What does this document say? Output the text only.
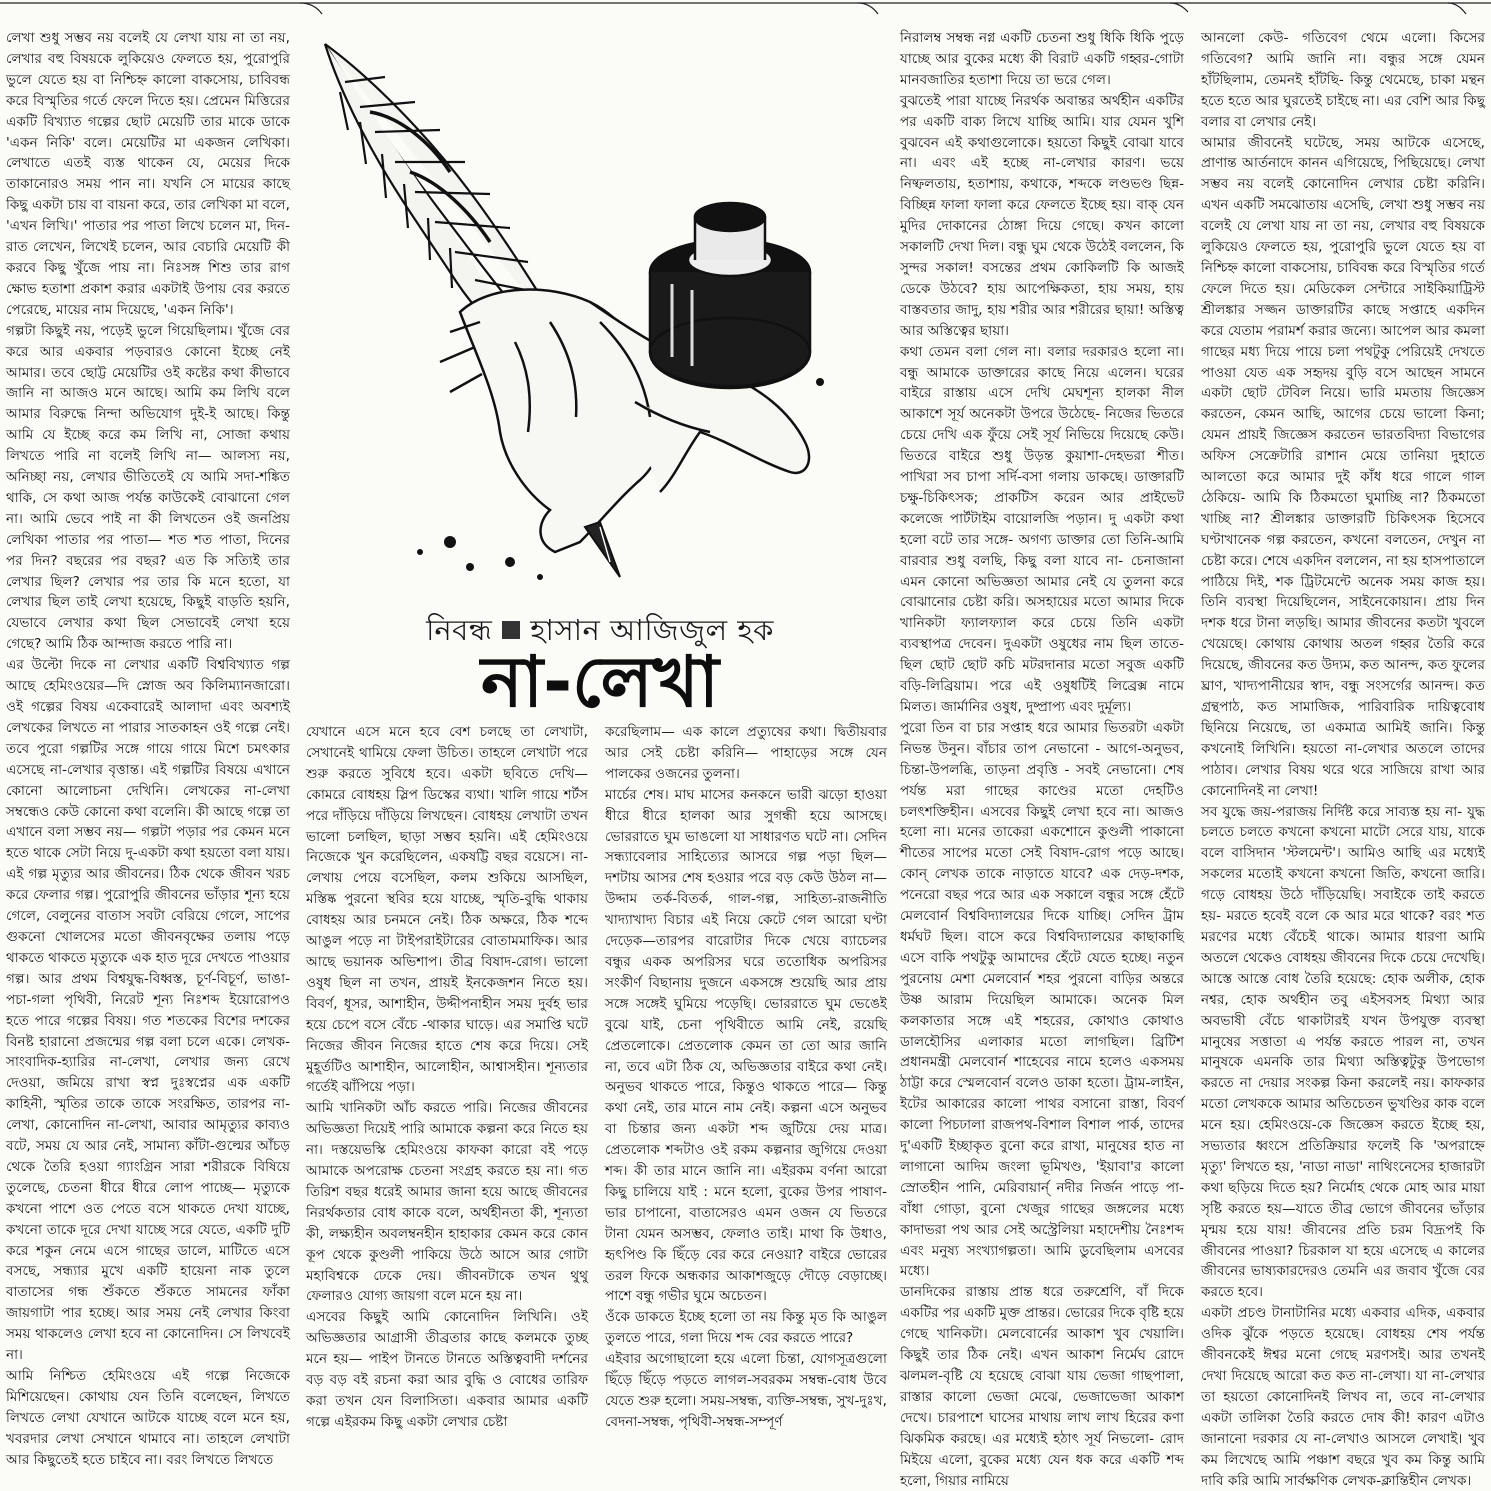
লেখা শুধু সম্ভব নয় বলেই যে লেখা যায় না তা নয়, লেখার বহু বিষয়কে লুকিয়েও ফেলতে হয়, পুরোপুরি ভুলে যেতে হয় বা নিশ্চিহ্ন কালো বাকসোয়, চাবিবন্ধ করে বিস্মৃতির গর্তে ফেলে দিতে হয়। প্রেমেন মিত্তিরের একটি বিখ্যাত গল্পের ছোট মেয়েটি তার মাকে ডাকে 'একন নিকি' বলে। মেয়েটির মা একজন লেখিকা। লেখাতে এতই ব্যস্ত থাকেন যে, মেয়ের দিকে তাকানোরও সময় পান না। যখনি সে মায়ের কাছে কিছু একটা চায় বা বায়না করে, তার লেখিকা মা বলে, 'এখন লিখি।' পাতার পর পাতা লিখে চলেন মা, দিন-রাত লেখেন, লিখেই চলেন, আর বেচারি মেয়েটি কী করবে কিছু খুঁজে পায় না। নিঃসঙ্গ শিশু তার রাগ ক্ষোভ হতাশা প্রকাশ করার একটাই উপায় বের করতে পেরেছে, মায়ের নাম দিয়েছে, 'একন নিকি'।

গল্পটা কিছুই নয়, পড়েই ভুলে গিয়েছিলাম। খুঁজে বের করে আর একবার পড়বারও কোনো ইচ্ছে নেই আমার। তবে ছোট্ট মেয়েটির ওই কষ্টের কথা কীভাবে জানি না আজও মনে আছে। আমি কম লিখি বলে আমার বিরুদ্ধে নিন্দা অভিযোগ দুই-ই আছে। কিন্তু আমি যে ইচ্ছে করে কম লিখি না, সোজা কথায় লিখতে পারি না বলেই লিখি না— আলস্য নয়, অনিচ্ছা নয়, লেখার ভীতিতেই যে আমি সদা-শঙ্কিত থাকি, সে কথা আজ পর্যন্ত কাউকেই বোঝানো গেল না। আমি ভেবে পাই না কী লিখতেন ওই জনপ্রিয় লেখিকা পাতার পর পাতা— শত শত পাতা, দিনের পর দিন? বছরের পর বছর? এত কি সত্যিই তার লেখার ছিল? লেখার পর তার কি মনে হতো, যা লেখার ছিল তাই লেখা হয়েছে, কিছুই বাড়তি হয়নি, যেভাবে লেখার কথা ছিল সেভাবেই লেখা হয়ে গেছে? আমি ঠিক আন্দাজ করতে পারি না।

এর উল্টো দিকে না লেখার একটি বিশ্ববিখ্যাত গল্প আছে হেমিংওয়ের—দি স্নোজ অব কিলিম্যানজারো। ওই গল্পের বিষয় একেবারেই আলাদা এবং অবশ্যই লেখকের লিখতে না পারার সাতকাহন ওই গল্পে নেই। তবে পুরো গল্পটির সঙ্গে গায়ে গায়ে মিশে চমৎকার এসেছে না-লেখার বৃত্তান্ত। এই গল্পটির বিষয়ে এখানে কোনো আলোচনা দেখিনি। লেখকের না-লেখা সম্বন্ধেও কেউ কোনো কথা বলেনি। কী আছে গল্পে তা এখানে বলা সম্ভব নয়— গল্পটা পড়ার পর কেমন মনে হতে থাকে সেটা নিয়ে দু-একটা কথা হয়তো বলা যায়। এই গল্প মৃত্যুর আর জীবনের। ঠিক থেকে জীবন খরচ করে ফেলার গল্প। পুরোপুরি জীবনের ভাঁড়ার শূন্য হয়ে গেলে, বেলুনের বাতাস সবটা বেরিয়ে গেলে, সাপের গুকনো খোলসের মতো জীবনবৃক্ষের তলায় পড়ে থাকতে থাকতে মৃত্যুকে এক হাত দূরে দেখতে পাওয়ার গল্প। আর প্রথম বিশ্বযুদ্ধ-বিধ্বস্ত, চূর্ণ-বিচূর্ণ, ভাঙা-পচা-গলা পৃথিবী, নিরেট শূন্য নিঃশব্দ ইয়োরোপও হতে পারে গল্পের বিষয়। গত শতকের বিশের দশকের বিনষ্ট হারানো প্রজন্মের গল্প বলা চলে একে। লেখক-সাংবাদিক-হ্যারির না-লেখা, লেখার জন্য রেখে দেওয়া, জমিয়ে রাখা স্বপ্ন দুঃস্বপ্নের এক একটি কাহিনী, স্মৃতির তাকে তাকে সংরক্ষিত, তারপর না-লেখা, কোনোদিন না-লেখা, আবার আমৃত্যুর কাব্যও বটে, সময় যে আর নেই, সামান্য কাঁটা-গুল্মের আঁচড় থেকে তৈরি হওয়া গ্যাংগ্রিন সারা শরীরকে বিষিয়ে তুলেছে, চেতনা ধীরে ধীরে লোপ পাচ্ছে— মৃত্যুকে কখনো পাশে ওত পেতে বসে থাকতে দেখা যাচ্ছে, কখনো তাকে দূরে দেখা যাচ্ছে সরে যেতে, একটি দুটি করে শকুন নেমে এসে গাছের ডালে, মাটিতে এসে বসছে, সন্ধ্যার মুখে একটি হায়েনা নাক তুলে বাতাসের গন্ধ শুঁকতে শুঁকতে সামনের ফাঁকা জায়গাটা পার হচ্ছে। আর সময় নেই লেখার কিংবা সময় থাকলেও লেখা হবে না কোনোদিন। সে লিখবেই না।

আমি নিশ্চিত হেমিংওয়ে এই গল্পে নিজেকে মিশিয়েছেন। কোথায় যেন তিনি বলেছেন, লিখতে লিখতে লেখা যেখানে আটকে যাচ্ছে বলে মনে হয়, খবরদার লেখা সেখানে থামাবে না। তাহলে লেখাটা আর কিছুতেই হতে চাইবে না। বরং লিখতে লিখতে

নিবন্ধ হাসান আজিজুল হক
না-লেখা

যেখানে এসে মনে হবে বেশ চলছে তা লেখাটা, সেখানেই থামিয়ে ফেলা উচিত। তাহলে লেখাটা পরে শুরু করতে সুবিধে হবে। একটা ছবিতে দেখি—কোমরে বোধহয় স্লিপ ডিস্কের ব্যথা। খালি গায়ে শর্টস পরে দাঁড়িয়ে দাঁড়িয়ে লিখছেন। বোধহয় লেখাটা তখন ভালো চলছিল, ছাড়া সম্ভব হয়নি। এই হেমিংওয়ে নিজেকে খুন করেছিলেন, একষট্টি বছর বয়েসে। না-লেখায় পেয়ে বসেছিল, কলম শুকিয়ে আসছিল, মস্তিষ্ক পুরনো স্থবির হয়ে যাচ্ছে, স্মৃতি-বুদ্ধি থাকায় বোধহয় আর চনমনে নেই। ঠিক অক্ষরে, ঠিক শব্দে আঙুল পড়ে না টাইপরাইটারের বোতামমাফিক। আর আছে ভয়ানক অভিশাপ। তীব্র বিষাদ-রোগ। ভালো ওষুধ ছিল না তখন, প্রায়ই ইনকেজশন নিতে হয়। বিবর্ণ, ধূসর, আশাহীন, উদ্দীপনাহীন সময় দুর্বহ ভার হয়ে চেপে বসে বেঁচে -থাকার ঘাড়ে। এর সমাপ্তি ঘটে নিজের জীবন নিজের হাতে শেষ করে দিয়ে। সেই মুহূর্তটিও আশাহীন, আলোহীন, আশ্বাসহীন। শূন্যতার গর্তেই ঝাঁপিয়ে পড়া।

আমি খানিকটা আঁচ করতে পারি। নিজের জীবনের অভিজ্ঞতা দিয়েই পারি আমাকে কল্পনা করে নিতে হয় না। দস্তয়েভস্কি হেমিংওয়ে কাফকা কারো বই পড়ে আমাকে অপরোক্ষ চেতনা সংগ্রহ করতে হয় না। গত তিরিশ বছর ধরেই আমার জানা হয়ে আছে জীবনের নিরর্থকতার বোধ কাকে বলে, অর্থহীনতা কী, শূন্যতা কী, লক্ষ্যহীন অবলম্বনহীন হাহাকার কেমন করে কোন কূপ থেকে কুণ্ডলী পাকিয়ে উঠে আসে আর গোটা মহাবিশ্বকে ঢেকে দেয়। জীবনটাকে তখন থুথু ফেলারও যোগ্য জায়গা বলে মনে হয় না।

এসবের কিছুই আমি কোনোদিন লিখিনি। ওই অভিজ্ঞতার আগ্রাসী তীব্রতার কাছে কলমকে তুচ্ছ মনে হয়— পাইপ টানতে টানতে অস্তিত্ববাদী দর্শনের বড় বড় বই রচনা করা আর বুদ্ধি ও বোধের তারিফ করা তখন যেন বিলাসিতা। একবার আমার একটি গল্পে এইরকম কিছু একটা লেখার চেষ্টা

করেছিলাম— এক কালে প্রত্যুষের কথা। দ্বিতীয়বার আর সেই চেষ্টা করিনি— পাহাড়ের সঙ্গে যেন পালকের ওজনের তুলনা।

মার্চের শেষ। মাঘ মাসের কনকনে ভারী ঝড়ো হাওয়া ধীরে ধীরে হালকা আর সুগন্ধী হয়ে আসছে। ভোররাতে ঘুম ভাঙলো যা সাধারণত ঘটে না। সেদিন সন্ধ্যাবেলার সাহিত্যের আসরে গল্প পড়া ছিল— দশটায় আসর শেষ হওয়ার পরে বড় কেউ উঠল না— উদ্দাম তর্ক-বিতর্ক, গাল-গল্প, সাহিত্য-রাজনীতি খাদ্যাখাদ্য বিচার এই নিয়ে কেটে গেল আরো ঘণ্টা দেড়েক—তারপর বারোটার দিকে খেয়ে ব্যাচেলর বন্ধুর একক অপরিসর ঘরে ততোধিক অপরিসর সংকীর্ণ বিছানায় দুজনে একসঙ্গে শুয়েছি আর প্রায় সঙ্গে সঙ্গেই ঘুমিয়ে পড়েছি। ভোররাতে ঘুম ভেঙেই বুঝে যাই, চেনা পৃথিবীতে আমি নেই, রয়েছি প্রেতলোকে। প্রেতলোক কেমন তা তো আর জানি না, তবে এটা ঠিক যে, অভিজ্ঞতার বাইরে কথা নেই। অনুভব থাকতে পারে, কিন্তুও থাকতে পারে— কিন্তু কথা নেই, তার মানে নাম নেই। কল্পনা এসে অনুভব বা চিন্তার জন্য একটা শব্দ জুটিয়ে দেয় মাত্র। প্রেতলোক শব্দটাও ওই রকম কল্পনার জুগিয়ে দেওয়া শব্দ। কী তার মানে জানি না। এইরকম বর্ণনা আরো কিছু চালিয়ে যাই : মনে হলো, বুকের উপর পাষাণ-ভার চাপানো, বাতাসেরও এমন ওজন যে ভিতরে টানা যেমন অসম্ভব, ফেলাও তাই। মাথা কি উধাও, হৃৎপিণ্ড কি ছিঁড়ে বের করে নেওয়া? বাইরে ভোরের তরল ফিকে অন্ধকার আকাশজুড়ে দৌড়ে বেড়াচ্ছে। পাশে বন্ধু গভীর ঘুমে অচেতন।

ওঁকে ডাকতে ইচ্ছে হলো তা নয় কিন্তু মৃত কি আঙুল তুলতে পারে, গলা দিয়ে শব্দ বের করতে পারে?

এইবার অগোছালো হয়ে এলো চিন্তা, যোগসূত্রগুলো ছিঁড়ে ছিঁড়ে পড়তে লাগল-সবরকম সম্বন্ধ-বোধ উবে যেতে শুরু হলো। সময়-সম্বন্ধ, ব্যক্তি-সম্বন্ধ, সুখ-দুঃখ, বেদনা-সম্বন্ধ, পৃথিবী-সম্বন্ধ-সম্পূর্ণ

নিরালম্ব সম্বন্ধ নগ্ন একটি চেতনা শুধু ধিকি ধিকি পুড়ে যাচ্ছে আর বুকের মধ্যে কী বিরাট একটি গহ্বর-গোটা মানবজাতির হতাশা দিয়ে তা ভরে গেল।

বুঝতেই পারা যাচ্ছে নিরর্থক অবান্তর অর্থহীন একটির পর একটি বাক্য লিখে যাচ্ছি আমি। যার যেমন খুশি বুঝবেন এই কথাগুলোকে। হয়তো কিছুই বোঝা যাবে না। এবং এই হচ্ছে না-লেখার কারণ। ভয়ে নিষ্ফলতায়, হতাশায়, কথাকে, শব্দকে লণ্ডভণ্ড ছিন্ন-বিচ্ছিন্ন ফালা ফালা করে ফেলতে ইচ্ছে হয়। বাক্ যেন মুদির দোকানের ঠোঙ্গা দিয়ে গেছে। কখন কালো সকালটি দেখা দিল। বন্ধু ঘুম থেকে উঠেই বললেন, কি সুন্দর সকাল! বসন্তের প্রথম কোকিলটি কি আজই ডেকে উঠবে? হায় আপেক্ষিকতা, হায় সময়, হায় বাস্তবতার জাদু, হায় শরীর আর শরীরের ছায়া! অস্তিত্ব আর অস্তিত্বের ছায়া।

কথা তেমন বলা গেল না। বলার দরকারও হলো না। বন্ধু আমাকে ডাক্তারের কাছে নিয়ে এলেন। ঘরের বাইরে রাস্তায় এসে দেখি মেঘশূন্য হালকা নীল আকাশে সূর্য অনেকটা উপরে উঠেছে- নিজের ভিতরে চেয়ে দেখি এক ফুঁয়ে সেই সূর্য নিভিয়ে দিয়েছে কেউ। ভিতরে বাইরে শুধু উড়ন্ত কুয়াশা-দেহভরা শীত। পাখিরা সব চাপা সর্দি-বসা গলায় ডাকছে। ডাক্তারটি চক্ষু-চিকিৎসক; প্রাকটিস করেন আর প্রাইভেট কলেজে পার্টটাইম বায়োলজি পড়ান। দু একটা কথা হলো বটে তার সঙ্গে- অগণ্য ডাক্তার তো তিনি-আমি বারবার শুধু বলছি, কিছু বলা যাবে না- চেনাজানা এমন কোনো অভিজ্ঞতা আমার নেই যে তুলনা করে বোঝানোর চেষ্টা করি। অসহায়ের মতো আমার দিকে খানিকটা ফ্যালফ্যাল করে চেয়ে তিনি একটা ব্যবস্থাপত্র দেবেন। দুএকটা ওষুধের নাম ছিল তাতে- ছিল ছোট ছোট কচি মটরদানার মতো সবুজ একটি বড়ি-লিব্রিয়াম। পরে এই ওষুধটিই লিব্রেক্স নামে মিলত। জার্মানির ওষুধ, দুষ্প্রাপ্য এবং দুর্মূল্য।

পুরো তিন বা চার সপ্তাহ ধরে আমার ভিতরটা একটা নিভন্ত উনুন। বাঁচার তাপ নেভানো - আগে-অনুভব, চিন্তা-উপলব্ধি, তাড়না প্রবৃত্তি - সবই নেভানো। শেষ পর্যন্ত মরা গাছের কাণ্ডের মতো দেহটিও চলৎশক্তিহীন। এসবের কিছুই লেখা হবে না। আজও হলো না। মনের তাকেরা একশোনে কুণ্ডলী পাকানো শীতের সাপের মতো সেই বিষাদ-রোগ পড়ে আছে। কোন্ লেখক তাকে নাড়াতে যাবে? এক দেড়-দশক, পনেরো বছর পরে আর এক সকালে বন্ধুর সঙ্গে হেঁটে মেলবোর্ন বিশ্ববিদ্যালয়ের দিকে যাচ্ছি। সেদিন ট্রাম ধর্মঘট ছিল। বাসে করে বিশ্ববিদ্যালয়ের কাছাকাছি এসে বাকি পথটুকু আমাদের হেঁটে যেতে হচ্ছে। নতুন পুরনোয় মেশা মেলবোর্ন শহর পুরনো বাড়ির অন্তরে উষ্ণ আরাম দিয়েছিল আমাকে। অনেক মিল কলকাতার সঙ্গে এই শহরের, কোথাও কোথাও ডালহৌসির এলাকার মতো লাগছিল। ব্রিটিশ প্রধানমন্ত্রী মেলবোর্ন শাহেবের নামে হলেও একসময় ঠাট্টা করে স্মেলবোর্ন বলেও ডাকা হতো। ট্রাম-লাইন, ইটের আকারের কালো পাথর বসানো রাস্তা, বিবর্ণ কালো পিচঢালা রাজপথ-বিশাল বিশাল পার্ক, তাদের দু'একটি ইচ্ছাকৃত বুনো করে রাখা, মানুষের হাত না লাগানো আদিম জংলা ভূমিখণ্ড, 'ইয়াবা'র কালো স্রোতহীন পানি, মেরিবায়ার্ন্ নদীর নির্জন পাড়ে পা-বাঁধা গোড়া, বুনো খেজুর গাছের জঙ্গলের মধ্যে কাদাভরা পথ আর সেই অস্ট্রেলিয়া মহাদেশীয় নৈঃশব্দ এবং মনুষ্য সংখ্যাগল্পতা। আমি ডুবেছিলাম এসবের মধ্যে।

ডানদিকের রাস্তায় প্রান্ত ধরে তরুশ্রেণি, বাঁ দিকে একটির পর একটি মুক্ত প্রান্তর। ভোরের দিকে বৃষ্টি হয়ে গেছে খানিকটা। মেলবোর্নের আকাশ খুব খেয়ালি। কিছুই তার ঠিক নেই। এখন আকাশ নির্মেঘ রোদে ঝলমল-বৃষ্টি যে হয়েছে বোঝা যায় ভেজা গাছপালা, রাস্তার কালো ভেজা মেঝে, ভেজাভেজা আকাশ দেখে। চারপাশে ঘাসের মাথায় লাখ লাখ হিরের কণা ঝিকমিক করছে। এর মধ্যেই হঠাৎ সূর্য নিভলো- রোদ মিইয়ে এলো, বুকের মধ্যে যেন ধক করে একটি শব্দ হলো, গিয়ার নামিয়ে

আনলো কেউ- গতিবেগ থেমে এলো। কিসের গতিবেগ? আমি জানি না। বন্ধুর সঙ্গে যেমন হাঁটছিলাম, তেমনই হাঁটছি- কিন্তু থেমেছে, চাকা মন্থন হতে হতে আর ঘুরতেই চাইছে না। এর বেশি আর কিছু বলার বা লেখার নেই।

আমার জীবনেই ঘটেছে, সময় আটকে এসেছে, প্রাণান্ত আর্তনাদে কানন এগিয়েছে, পিছিয়েছে। লেখা সম্ভব নয় বলেই কোনোদিন লেখার চেষ্টা করিনি। এখন একটি সমঝোতায় এসেছি, লেখা শুধু সম্ভব নয় বলেই যে লেখা যায় না তা নয়, লেখার বহু বিষয়কে লুকিয়েও ফেলতে হয়, পুরোপুরি ভুলে যেতে হয় বা নিশ্চিহ্ন কালো বাকসোয়, চাবিবন্ধ করে বিস্মৃতির গর্তে ফেলে দিতে হয়। মেডিকেল সেন্টারে সাইকিয়াট্রিস্ট শ্রীলঙ্কার সজ্জন ডাক্তারটির কাছে সপ্তাহে একদিন করে যেতাম পরামর্শ করার জন্যে। আপেল আর কমলা গাছের মধ্য দিয়ে পায়ে চলা পথটুকু পেরিয়েই দেখতে পাওয়া যেত এক সহৃদয় বুড়ি বসে আছেন সামনে একটা ছোট টেবিল নিয়ে। ভারি মমতায় জিজ্ঞেস করতেন, কেমন আছি, আগের চেয়ে ভালো কিনা; যেমন প্রায়ই জিজ্ঞেস করতেন ভারতবিদ্যা বিভাগের অফিস সেক্রেটারি রাশান মেয়ে তানিয়া দুহাতে আলতো করে আমার দুই কাঁধ ধরে গালে গাল ঠেকিয়ে- আমি কি ঠিকমতো ঘুমাচ্ছি না? ঠিকমতো খাচ্ছি না? শ্রীলঙ্কার ডাক্তারটি চিকিৎসক হিসেবে ঘণ্টাখানেক গল্প করতেন, কখনো বলতেন, দেখুন না চেষ্টা করে। শেষে একদিন বললেন, না হয় হাসপাতালে পাঠিয়ে দিই, শক ট্রিটমেন্টে অনেক সময় কাজ হয়। তিনি ব্যবস্থা দিয়েছিলেন, সাইনেকোয়ান। প্রায় দিন দশক ধরে টানা লড়ছি। আমার জীবনের কতটা খুবলে খেয়েছে। কোথায় কোথায় অতল গহ্বর তৈরি করে দিয়েছে, জীবনের কত উদ্যম, কত আনন্দ, কত ফুলের ঘ্রাণ, খাদ্যপানীয়ের স্বাদ, বন্ধু সংসর্গের আনন্দ। কত গ্রন্থপাঠ, কত সামাজিক, পারিবারিক দায়িত্ববোধ ছিনিয়ে নিয়েছে, তা একমাত্র আমিই জানি। কিন্তু কখনোই লিখিনি। হয়তো না-লেখার অতলে তাদের পাঠাব। লেখার বিষয় থরে থরে সাজিয়ে রাখা আর কোনোদিনই না লেখা!

সব যুদ্ধে জয়-পরাজয় নির্দিষ্ট করে সাব্যস্ত হয় না- যুদ্ধ চলতে চলতে কখনো কখনো মাটো সেরে যায়, যাকে বলে বাসিদান 'স্টলমেন্ট'। আমিও আছি এর মধ্যেই সকলের মতোই কখনো কখনো জিতি, কখনো জারি। গড়ে বোধহয় উঠে দাঁড়িয়েছি। সবাইকে তাই করতে হয়- মরতে হবেই বলে কে আর মরে থাকে? বরং শত মরণের মধ্যে বেঁচেই থাকে। আমার ধারণা আমি অতলে থেকেও বোধহয় জীবনের দিকে চেয়ে দেখেছি। আস্তে আস্তে বোধ তৈরি হয়েছে: হোক অলীক, হোক নশ্বর, হোক অর্থহীন তবু এইসবসহ মিথ্যা আর অবভাষী বেঁচে থাকাটারই যখন উপযুক্ত ব্যবস্থা মানুষের সত্তাতা এ পর্যন্ত করতে পারল না, তখন মানুষকে এমনকি তার মিথ্যা অস্তিত্বটুকু উপভোগ করতে না দেয়ার সংকল্প কিনা করলেই নয়। কাফকার মতো লেখককে আমার অতিচেতন ভুখণ্ডির কাক বলে মনে হয়। হেমিংওয়ে-কে জিজ্ঞেস করতে ইচ্ছে হয়, সভ্যতার ধ্বংসে প্রতিক্রিয়ার ফলেই কি 'অপরাহ্নে মৃত্যু' লিখতে হয়, 'নাডা নাডা' নাথিংনেসের হাজারটা কথা ছড়িয়ে দিতে হয়? নির্মোহ থেকে মোহ আর মায়া সৃষ্টি করতে হয়—যাতে তীব্র ভোগে জীবনের ভাঁড়ার মৃন্ময় হয়ে যায়! জীবনের প্রতি চরম বিদ্রূপই কি জীবনের পাওয়া? চিরকাল যা হয়ে এসেছে এ কালের জীবনের ভাষ্যকারদেরও তেমনি এর জবাব খুঁজে বের করতে হবে।

একটা প্রচণ্ড টানাটানির মধ্যে একবার এদিক, একবার ওদিক ঝুঁকে পড়তে হয়েছে। বোধহয় শেষ পর্যন্ত জীবনকেই ঈশ্বর মনো গেছে মরণসই। আর তখনই দেখা দিয়েছে আরো কত কত না-লেখা। যা না-লেখার তা হয়তো কোনোদিনই লিখব না, তবে না-লেখার একটা তালিকা তৈরি করতে দোষ কী! কারণ এটাও জানানো দরকার যে না-লেখাও আসলে লেখাই। খুব কম লিখেছে আমি পঞ্চাশ বছরে খুব কম কিন্তু আমি দাবি করি আমি সার্বক্ষণিক লেখক-ক্লান্তিহীন লেখক।
